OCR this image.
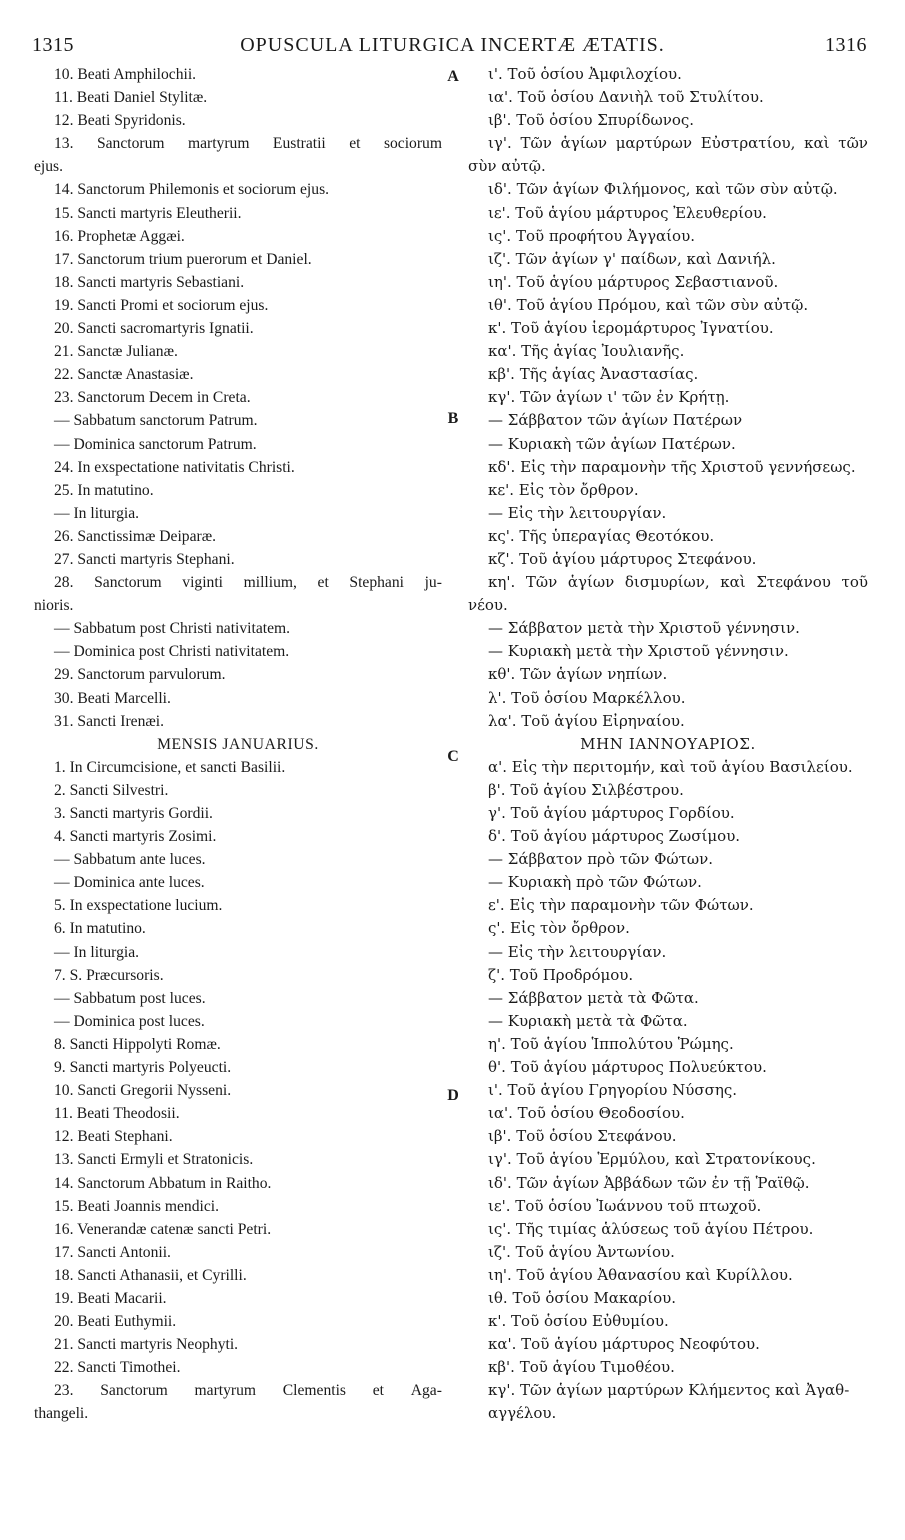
1315	OPUSCULA LITURGICA INCERTÆ ÆTATIS.	1316
A
B
C
D
10. Beati Amphilochii.
11. Beati Daniel Stylitæ.
12. Beati Spyridonis.
13. Sanctorum martyrum Eustratii et sociorum
ejus.
14. Sanctorum Philemonis et sociorum ejus.
15. Sancti martyris Eleutherii.
16. Prophetæ Aggæi.
17. Sanctorum trium puerorum et Daniel.
18. Sancti martyris Sebastiani.
19. Sancti Promi et sociorum ejus.
20. Sancti sacromartyris Ignatii.
21. Sanctæ Julianæ.
22. Sanctæ Anastasiæ.
23. Sanctorum Decem in Creta.
— Sabbatum sanctorum Patrum.
— Dominica sanctorum Patrum.
24. In exspectatione nativitatis Christi.
25. In matutino.
— In liturgia.
26. Sanctissimæ Deiparæ.
27. Sancti martyris Stephani.
28. Sanctorum viginti millium, et Stephani ju-
nioris.
— Sabbatum post Christi nativitatem.
— Dominica post Christi nativitatem.
29. Sanctorum parvulorum.
30. Beati Marcelli.
31. Sancti Irenæi.
MENSIS JANUARIUS.
1. In Circumcisione, et sancti Basilii.
2. Sancti Silvestri.
3. Sancti martyris Gordii.
4. Sancti martyris Zosimi.
— Sabbatum ante luces.
— Dominica ante luces.
5. In exspectatione lucium.
6. In matutino.
— In liturgia.
7. S. Præcursoris.
— Sabbatum post luces.
— Dominica post luces.
8. Sancti Hippolyti Romæ.
9. Sancti martyris Polyeucti.
10. Sancti Gregorii Nysseni.
11. Beati Theodosii.
12. Beati Stephani.
13. Sancti Ermyli et Stratonicis.
14. Sanctorum Abbatum in Raitho.
15. Beati Joannis mendici.
16. Venerandæ catenæ sancti Petri.
17. Sancti Antonii.
18. Sancti Athanasii, et Cyrilli.
19. Beati Macarii.
20. Beati Euthymii.
21. Sancti martyris Neophyti.
22. Sancti Timothei.
23. Sanctorum martyrum Clementis et Aga-
thangeli.
ι'. Τοῦ ὁσίου Ἀμφιλοχίου.
ια'. Τοῦ ὁσίου Δανιὴλ τοῦ Στυλίτου.
ιβ'. Τοῦ ὁσίου Σπυρίδωνος.
ιγ'. Τῶν ἁγίων μαρτύρων Εὐστρατίου, καὶ τῶν
σὺν αὐτῷ.
ιδ'. Τῶν ἁγίων Φιλήμονος, καὶ τῶν σὺν αὐτῷ.
ιε'. Τοῦ ἁγίου μάρτυρος Ἐλευθερίου.
ις'. Τοῦ προφήτου Ἀγγαίου.
ιζ'. Τῶν ἁγίων γ' παίδων, καὶ Δανιήλ.
ιη'. Τοῦ ἁγίου μάρτυρος Σεβαστιανοῦ.
ιθ'. Τοῦ ἁγίου Πρόμου, καὶ τῶν σὺν αὐτῷ.
κ'. Τοῦ ἁγίου ἱερομάρτυρος Ἰγνατίου.
κα'. Τῆς ἁγίας Ἰουλιανῆς.
κβ'. Τῆς ἁγίας Ἀναστασίας.
κγ'. Τῶν ἁγίων ι' τῶν ἐν Κρήτῃ.
— Σάββατον τῶν ἁγίων Πατέρων
— Κυριακὴ τῶν ἁγίων Πατέρων.
κδ'. Εἰς τὴν παραμονὴν τῆς Χριστοῦ γεννήσεως.
κε'. Εἰς τὸν ὄρθρον.
— Εἰς τὴν λειτουργίαν.
κς'. Τῆς ὑπεραγίας Θεοτόκου.
κζ'. Τοῦ ἁγίου μάρτυρος Στεφάνου.
κη'. Τῶν ἁγίων δισμυρίων, καὶ Στεφάνου τοῦ
νέου.
— Σάββατον μετὰ τὴν Χριστοῦ γέννησιν.
— Κυριακὴ μετὰ τὴν Χριστοῦ γέννησιν.
κθ'. Τῶν ἁγίων νηπίων.
λ'. Τοῦ ὁσίου Μαρκέλλου.
λα'. Τοῦ ἁγίου Εἰρηναίου.
ΜΗΝ ΙΑΝΝΟΥΑΡΙΟΣ.
α'. Εἰς τὴν περιτομήν, καὶ τοῦ ἁγίου Βασιλείου.
β'. Τοῦ ἁγίου Σιλβέστρου.
γ'. Τοῦ ἁγίου μάρτυρος Γορδίου.
δ'. Τοῦ ἁγίου μάρτυρος Ζωσίμου.
— Σάββατον πρὸ τῶν Φώτων.
— Κυριακὴ πρὸ τῶν Φώτων.
ε'. Εἰς τὴν παραμονὴν τῶν Φώτων.
ς'. Εἰς τὸν ὄρθρον.
— Εἰς τὴν λειτουργίαν.
ζ'. Τοῦ Προδρόμου.
— Σάββατον μετὰ τὰ Φῶτα.
— Κυριακὴ μετὰ τὰ Φῶτα.
η'. Τοῦ ἁγίου Ἱππολύτου Ῥώμης.
θ'. Τοῦ ἁγίου μάρτυρος Πολυεύκτου.
ι'. Τοῦ ἁγίου Γρηγορίου Νύσσης.
ια'. Τοῦ ὁσίου Θεοδοσίου.
ιβ'. Τοῦ ὁσίου Στεφάνου.
ιγ'. Τοῦ ἁγίου Ἑρμύλου, καὶ Στρατονίκους.
ιδ'. Τῶν ἁγίων Ἀββάδων τῶν ἐν τῇ Ῥαϊθῷ.
ιε'. Τοῦ ὁσίου Ἰωάννου τοῦ πτωχοῦ.
ις'. Τῆς τιμίας ἁλύσεως τοῦ ἁγίου Πέτρου.
ιζ'. Τοῦ ἁγίου Ἀντωνίου.
ιη'. Τοῦ ἁγίου Ἀθανασίου καὶ Κυρίλλου.
ιθ. Τοῦ ὁσίου Μακαρίου.
κ'. Τοῦ ὁσίου Εὐθυμίου.
κα'. Τοῦ ἁγίου μάρτυρος Νεοφύτου.
κβ'. Τοῦ ἁγίου Τιμοθέου.
κγ'. Τῶν ἁγίων μαρτύρων Κλήμεντος καὶ Ἀγαθ-
αγγέλου.
